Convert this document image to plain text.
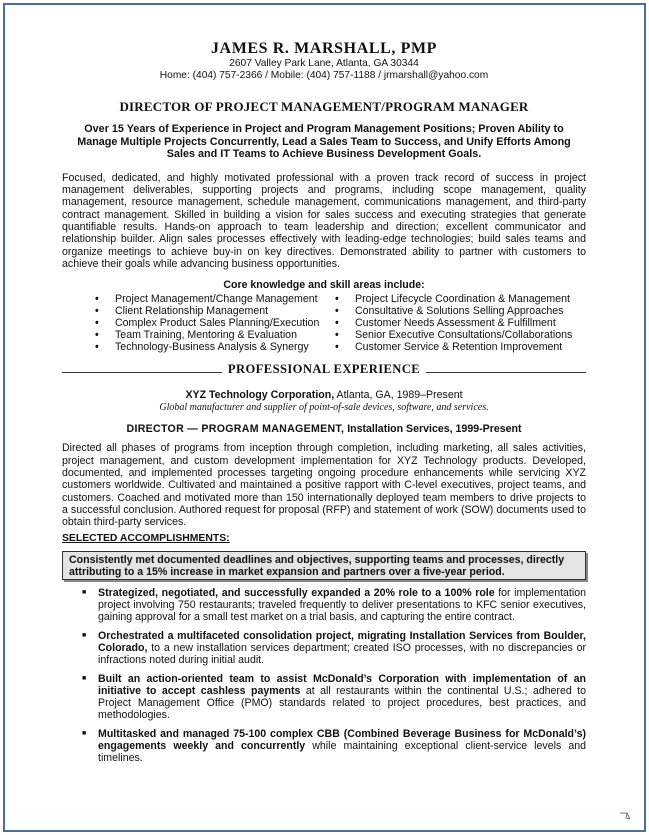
JAMES R. MARSHALL, PMP
2607 Valley Park Lane, Atlanta, GA 30344
Home: (404) 757-2366 / Mobile: (404) 757-1188 / jrmarshall@yahoo.com
DIRECTOR OF PROJECT MANAGEMENT/PROGRAM MANAGER
Over 15 Years of Experience in Project and Program Management Positions; Proven Ability to Manage Multiple Projects Concurrently, Lead a Sales Team to Success, and Unify Efforts Among Sales and IT Teams to Achieve Business Development Goals.
Focused, dedicated, and highly motivated professional with a proven track record of success in project management deliverables, supporting projects and programs, including scope management, quality management, resource management, schedule management, communications management, and third-party contract management. Skilled in building a vision for sales success and executing strategies that generate quantifiable results. Hands-on approach to team leadership and direction; excellent communicator and relationship builder. Align sales processes effectively with leading-edge technologies; build sales teams and organize meetings to achieve buy-in on key directives. Demonstrated ability to partner with customers to achieve their goals while advancing business opportunities.
Core knowledge and skill areas include:
• Project Management/Change Management
• Client Relationship Management
• Complex Product Sales Planning/Execution
• Team Training, Mentoring & Evaluation
• Technology-Business Analysis & Synergy
• Project Lifecycle Coordination & Management
• Consultative & Solutions Selling Approaches
• Customer Needs Assessment & Fulfillment
• Senior Executive Consultations/Collaborations
• Customer Service & Retention Improvement
PROFESSIONAL EXPERIENCE
XYZ Technology Corporation, Atlanta, GA, 1989–Present
Global manufacturer and supplier of point-of-sale devices, software, and services.
DIRECTOR — PROGRAM MANAGEMENT, Installation Services, 1999-Present
Directed all phases of programs from inception through completion, including marketing, all sales activities, project management, and custom development implementation for XYZ Technology products. Developed, documented, and implemented processes targeting ongoing procedure enhancements while servicing XYZ customers worldwide. Cultivated and maintained a positive rapport with C-level executives, project teams, and customers. Coached and motivated more than 150 internationally deployed team members to drive projects to a successful conclusion. Authored request for proposal (RFP) and statement of work (SOW) documents used to obtain third-party services.
SELECTED ACCOMPLISHMENTS:
Consistently met documented deadlines and objectives, supporting teams and processes, directly attributing to a 15% increase in market expansion and partners over a five-year period.
■ Strategized, negotiated, and successfully expanded a 20% role to a 100% role for implementation project involving 750 restaurants; traveled frequently to deliver presentations to KFC senior executives, gaining approval for a small test market on a trial basis, and capturing the entire contract.
■ Orchestrated a multifaceted consolidation project, migrating Installation Services from Boulder, Colorado, to a new installation services department; created ISO processes, with no discrepancies or infractions noted during initial audit.
■ Built an action-oriented team to assist McDonald’s Corporation with implementation of an initiative to accept cashless payments at all restaurants within the continental U.S.; adhered to Project Management Office (PMO) standards related to project procedures, best practices, and methodologies.
■ Multitasked and managed 75-100 complex CBB (Combined Beverage Business for McDonald’s) engagements weekly and concurrently while maintaining exceptional client-service levels and timelines.
